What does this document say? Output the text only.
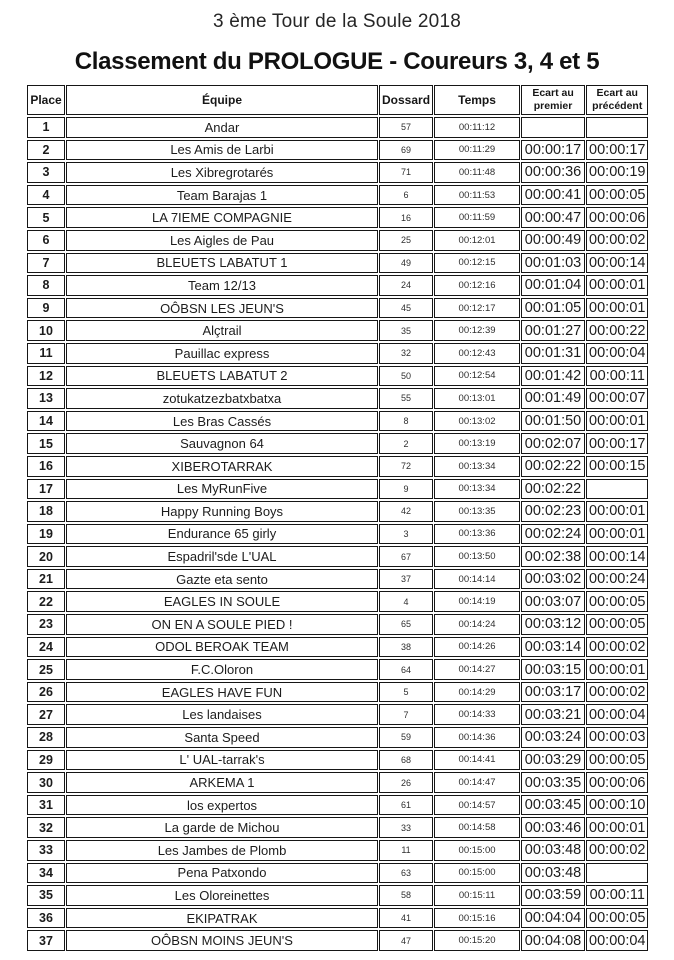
3 ème Tour de la Soule 2018
Classement du PROLOGUE - Coureurs 3, 4 et 5
Place	Équipe	Dossard	Temps	Ecart au premier	Ecart au précédent
1	Andar	57	00:11:12		
2	Les Amis de Larbi	69	00:11:29	00:00:17	00:00:17
3	Les Xibregrotarés	71	00:11:48	00:00:36	00:00:19
4	Team Barajas 1	6	00:11:53	00:00:41	00:00:05
5	LA 7IEME COMPAGNIE	16	00:11:59	00:00:47	00:00:06
6	Les Aigles de Pau	25	00:12:01	00:00:49	00:00:02
7	BLEUETS LABATUT 1	49	00:12:15	00:01:03	00:00:14
8	Team 12/13	24	00:12:16	00:01:04	00:00:01
9	OÔBSN LES JEUN'S	45	00:12:17	00:01:05	00:00:01
10	Alçtrail	35	00:12:39	00:01:27	00:00:22
11	Pauillac express	32	00:12:43	00:01:31	00:00:04
12	BLEUETS LABATUT 2	50	00:12:54	00:01:42	00:00:11
13	zotukatzezbatxbatxa	55	00:13:01	00:01:49	00:00:07
14	Les Bras Cassés	8	00:13:02	00:01:50	00:00:01
15	Sauvagnon 64	2	00:13:19	00:02:07	00:00:17
16	XIBEROTARRAK	72	00:13:34	00:02:22	00:00:15
17	Les MyRunFive	9	00:13:34	00:02:22	
18	Happy Running Boys	42	00:13:35	00:02:23	00:00:01
19	Endurance 65 girly	3	00:13:36	00:02:24	00:00:01
20	Espadril'sde L'UAL	67	00:13:50	00:02:38	00:00:14
21	Gazte eta sento	37	00:14:14	00:03:02	00:00:24
22	EAGLES IN SOULE	4	00:14:19	00:03:07	00:00:05
23	ON EN A SOULE PIED !	65	00:14:24	00:03:12	00:00:05
24	ODOL BEROAK TEAM	38	00:14:26	00:03:14	00:00:02
25	F.C.Oloron	64	00:14:27	00:03:15	00:00:01
26	EAGLES HAVE FUN	5	00:14:29	00:03:17	00:00:02
27	Les landaises	7	00:14:33	00:03:21	00:00:04
28	Santa Speed	59	00:14:36	00:03:24	00:00:03
29	L' UAL-tarrak's	68	00:14:41	00:03:29	00:00:05
30	ARKEMA 1	26	00:14:47	00:03:35	00:00:06
31	los expertos	61	00:14:57	00:03:45	00:00:10
32	La garde de Michou	33	00:14:58	00:03:46	00:00:01
33	Les Jambes de Plomb	11	00:15:00	00:03:48	00:00:02
34	Pena Patxondo	63	00:15:00	00:03:48	
35	Les Oloreinettes	58	00:15:11	00:03:59	00:00:11
36	EKIPATRAK	41	00:15:16	00:04:04	00:00:05
37	OÔBSN MOINS JEUN'S	47	00:15:20	00:04:08	00:00:04
